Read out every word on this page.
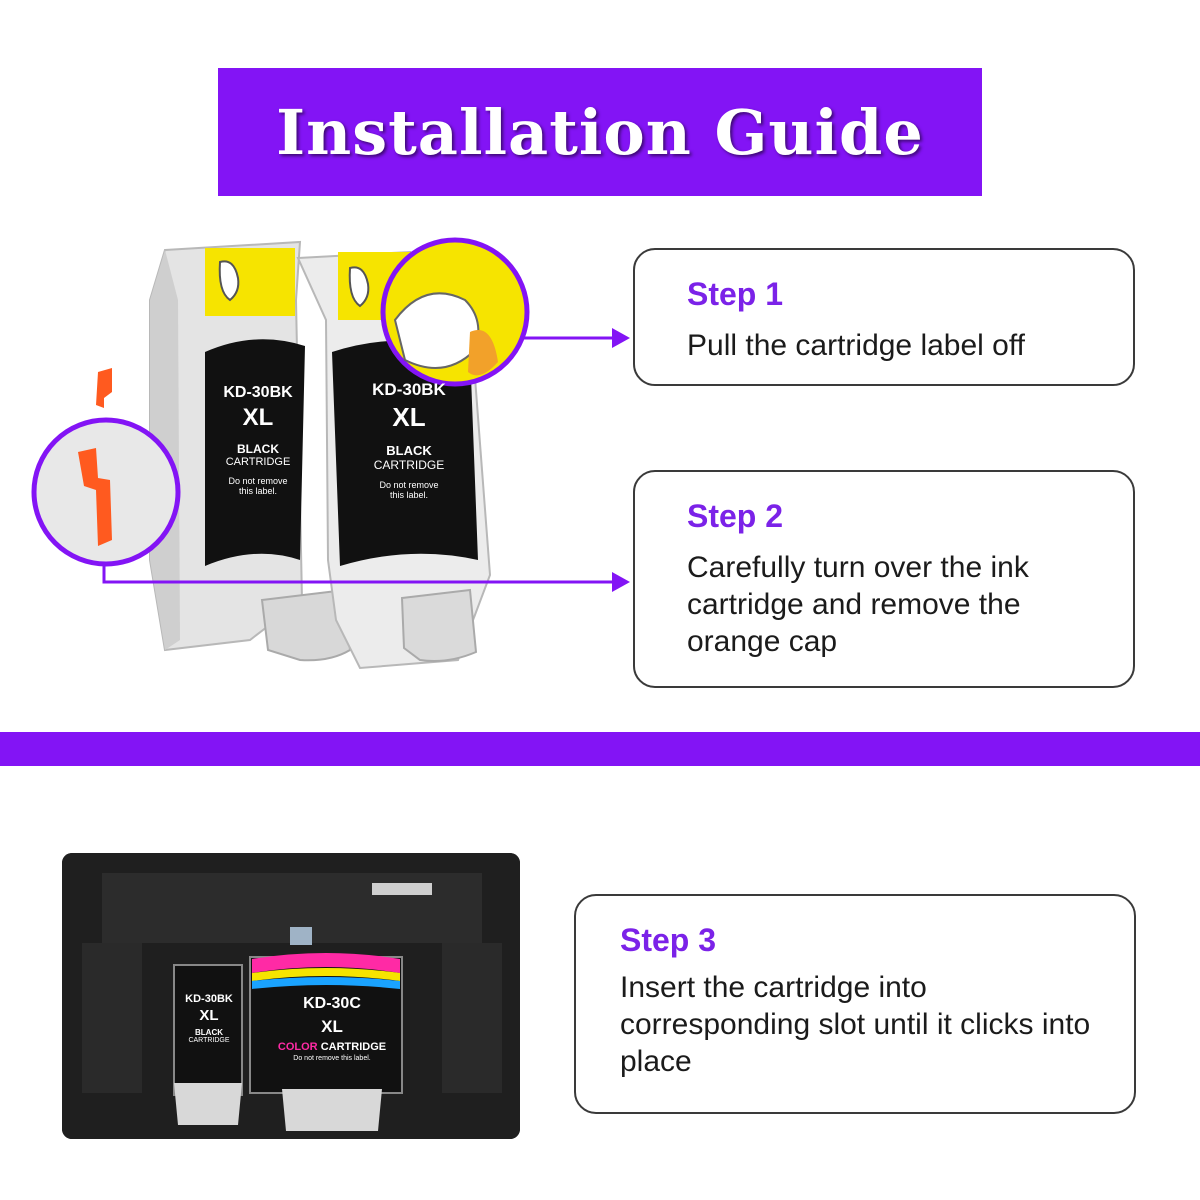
Installation Guide
KD-30BK
XL
BLACK
CARTRIDGE
Do not remove
this label.
KD-30BK
XL
BLACK
CARTRIDGE
Do not remove
this label.

Step 1

Pull the cartridge label off

Step 2

Carefully turn over the ink cartridge and remove the orange cap

KD-30BK
XL
BLACK
CARTRIDGE
KD-30C
XL
COLOR CARTRIDGE
Do not remove this label.

Step 3

Insert the cartridge into corresponding slot until it clicks into place
